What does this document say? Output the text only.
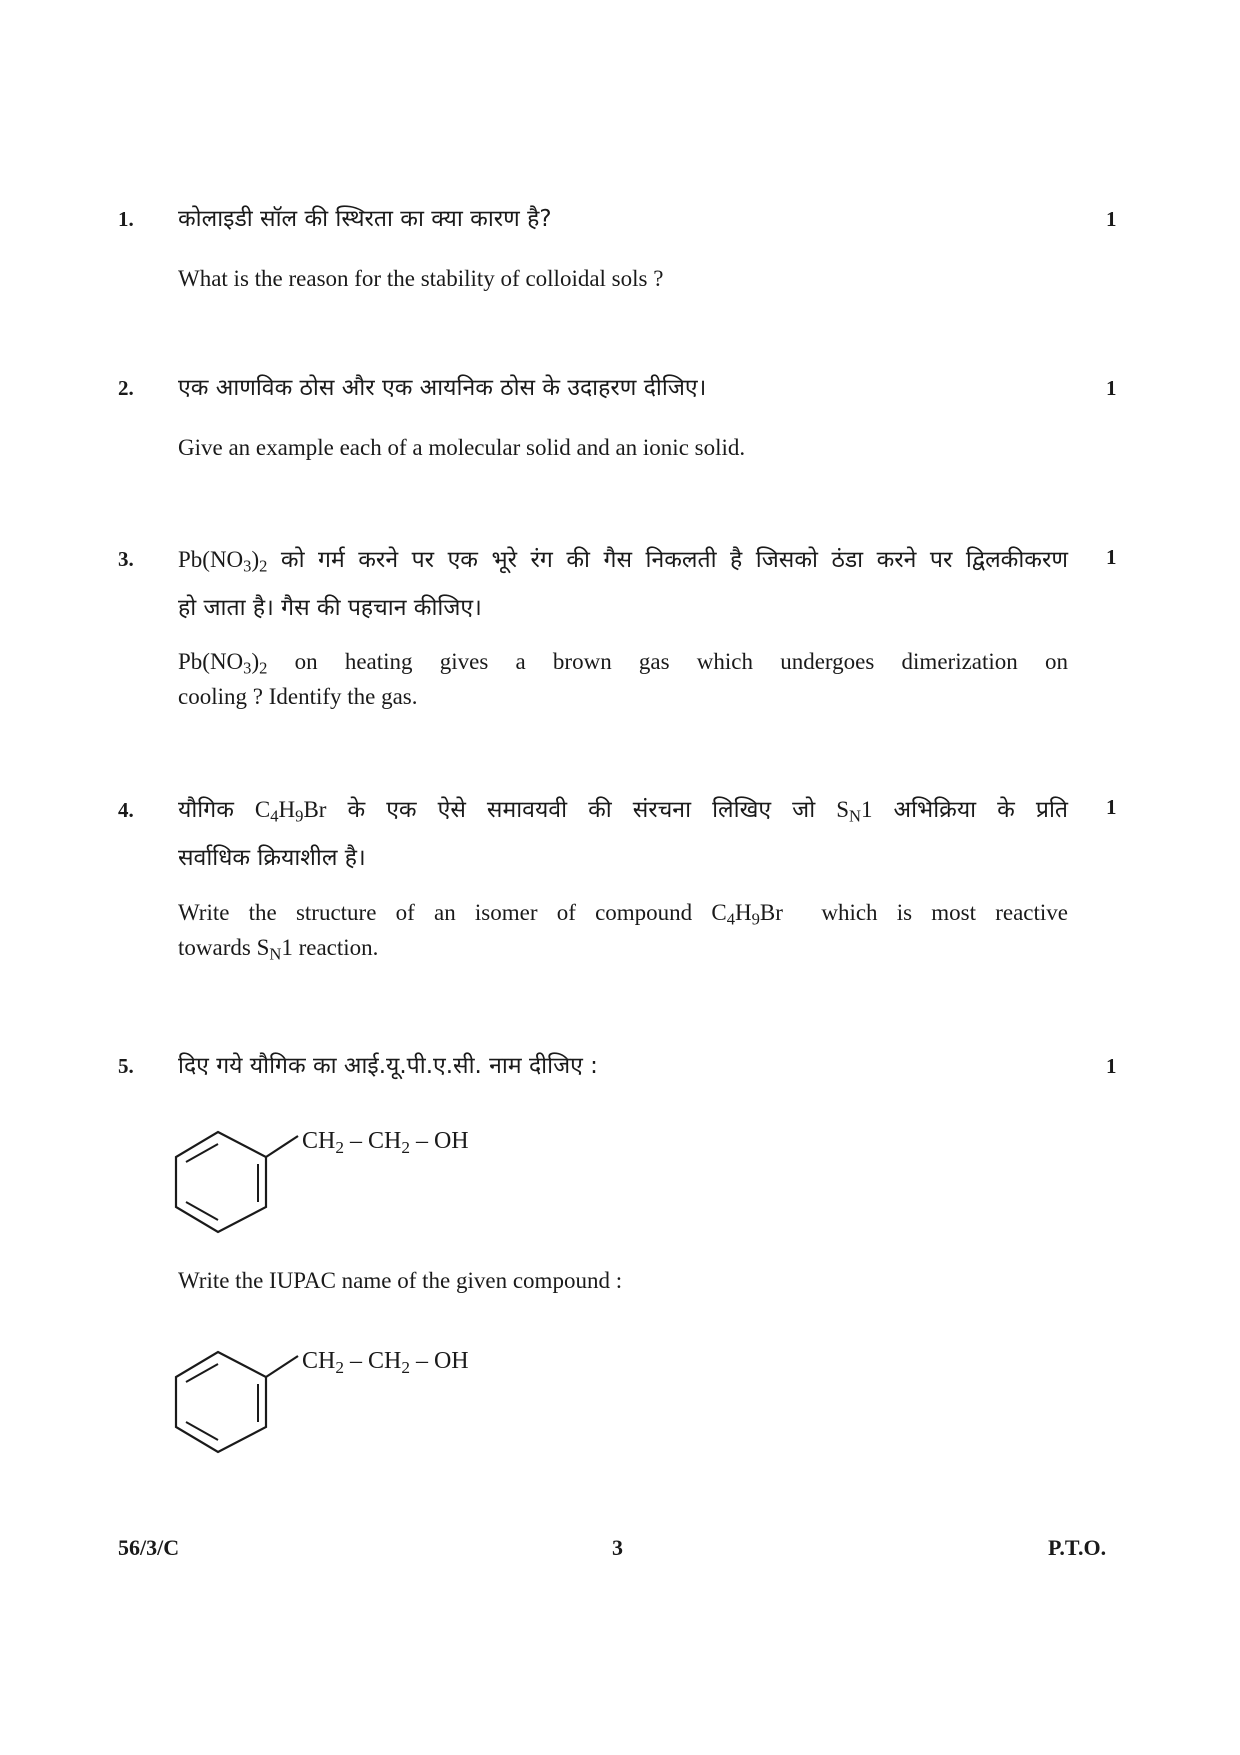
1. कोलाइडी सॉल की स्थिरता का क्या कारण है?	1
What is the reason for the stability of colloidal sols ?
2. एक आणविक ठोस और एक आयनिक ठोस के उदाहरण दीजिए।	1
Give an example each of a molecular solid and an ionic solid.
3. $Pb(NO_3)_2$ को गर्म करने पर एक भूरे रंग की गैस निकलती है जिसको ठंडा करने पर द्विलकीकरण
हो जाता है। गैस की पहचान कीजिए।
1
$Pb(NO_3)_2$ on heating gives a brown gas which undergoes dimerization on
cooling ? Identify the gas.
4. यौगिक $C_4H_9Br$ के एक ऐसे समावयवी की संरचना लिखिए जो $S_N1$ अभिक्रिया के प्रति
सर्वाधिक क्रियाशील है।
1
Write the structure of an isomer of compound $C_4H_9Br$  which is most reactive
towards $S_N1$ reaction.
5. दिए गये यौगिक का आई.यू.पी.ए.सी. नाम दीजिए :	1
$CH_2 - CH_2$ – OH
Write the IUPAC name of the given compound :
$CH_2 - CH_2$ – OH
56/3/C	3	P.T.O.
